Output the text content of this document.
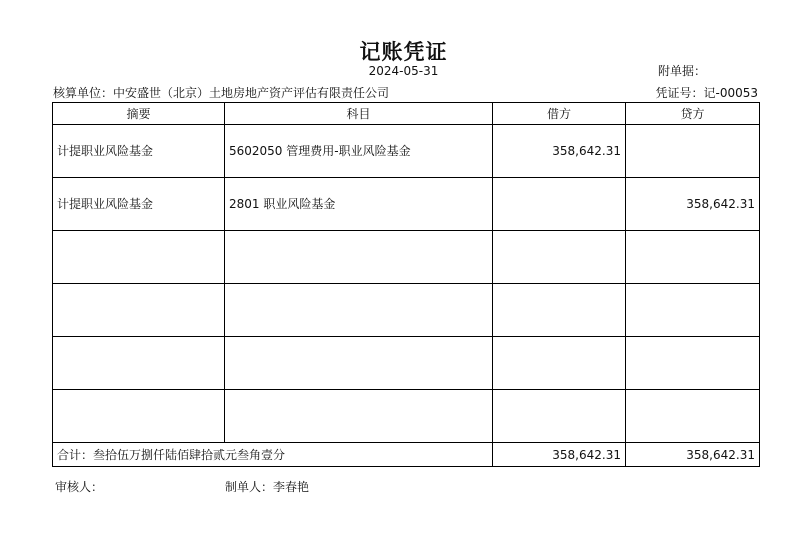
记账凭证
2024-05-31	附单据：
核算单位：中安盛世（北京）土地房地产资产评估有限责任公司	凭证号：记-00053
摘要	科目	借方	贷方
计提职业风险基金	5602050 管理费用-职业风险基金	358,642.31	
计提职业风险基金	2801 职业风险基金		358,642.31

合计：叁拾伍万捌仟陆佰肆拾贰元叁角壹分		358,642.31	358,642.31
审核人：	制单人：李春艳
